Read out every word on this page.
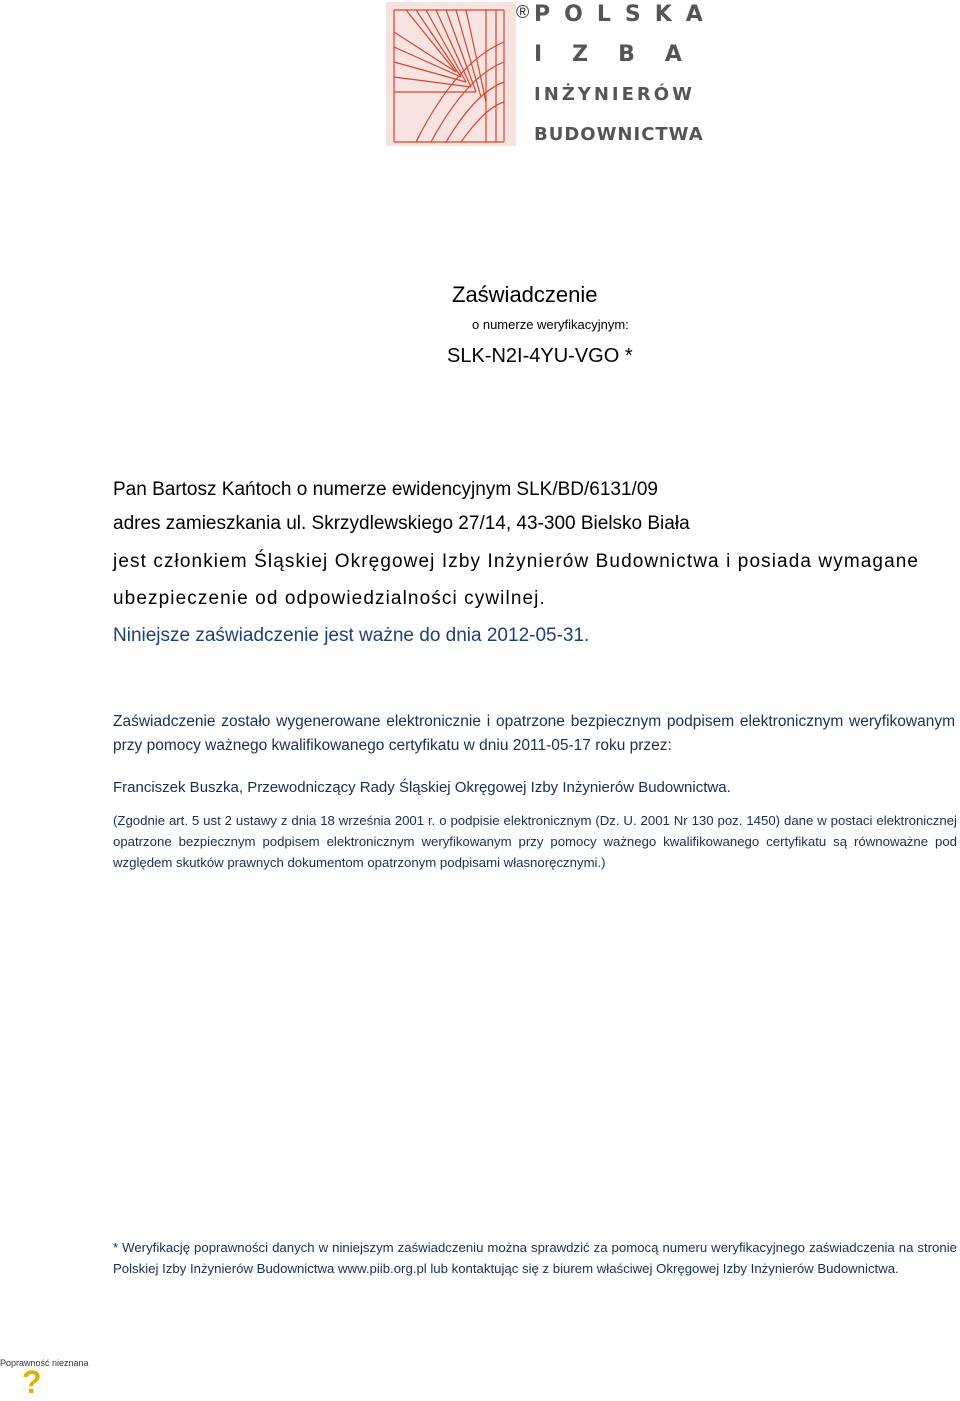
® POLSKA
IZBA
INŻYNIERÓW
BUDOWNICTWA
Zaświadczenie
o numerze weryfikacyjnym:
SLK-N2I-4YU-VGO *
Pan Bartosz Kańtoch o numerze ewidencyjnym SLK/BD/6131/09
adres zamieszkania ul. Skrzydlewskiego 27/14, 43-300 Bielsko Biała
jest członkiem Śląskiej Okręgowej Izby Inżynierów Budownictwa i posiada wymagane
ubezpieczenie od odpowiedzialności cywilnej.
Niniejsze zaświadczenie jest ważne do dnia 2012-05-31.
Zaświadczenie zostało wygenerowane elektronicznie i opatrzone bezpiecznym podpisem elektronicznym weryfikowanym przy pomocy ważnego kwalifikowanego certyfikatu w dniu 2011-05-17 roku przez:
Franciszek Buszka, Przewodniczący Rady Śląskiej Okręgowej Izby Inżynierów Budownictwa.
(Zgodnie art. 5 ust 2 ustawy z dnia 18 września 2001 r. o podpisie elektronicznym (Dz. U. 2001 Nr 130 poz. 1450) dane w postaci elektronicznej opatrzone bezpiecznym podpisem elektronicznym weryfikowanym przy pomocy ważnego kwalifikowanego certyfikatu są równoważne pod względem skutków prawnych dokumentom opatrzonym podpisami własnoręcznymi.)
* Weryfikację poprawności danych w niniejszym zaświadczeniu można sprawdzić za pomocą numeru weryfikacyjnego zaświadczenia na stronie Polskiej Izby Inżynierów Budownictwa www.piib.org.pl lub kontaktując się z biurem właściwej Okręgowej Izby Inżynierów Budownictwa.
Poprawność nieznana
?
